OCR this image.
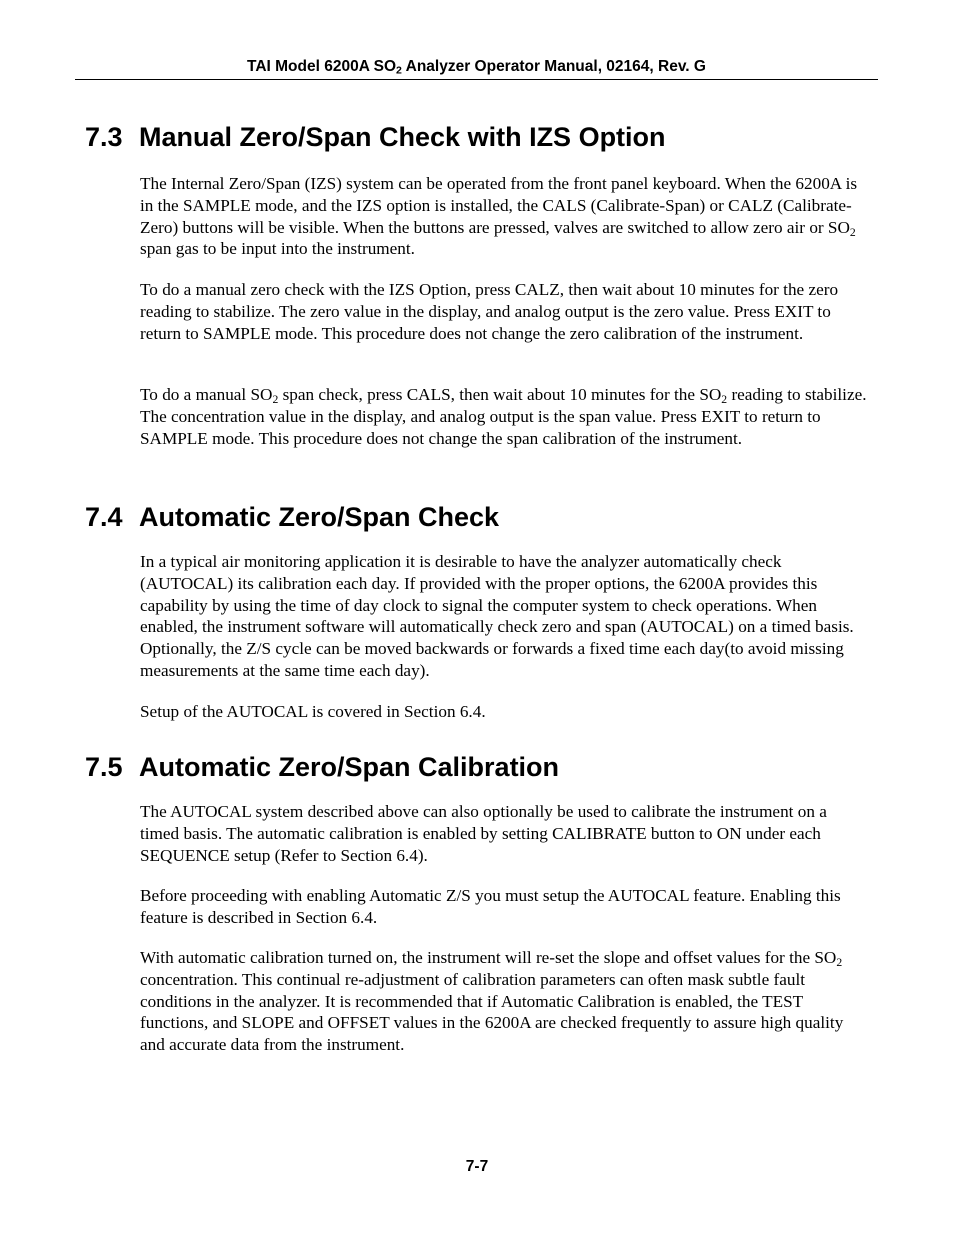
TAI Model 6200A $SO_2$ Analyzer Operator Manual, 02164, Rev. G
7.3 Manual Zero/Span Check with IZS Option

The Internal Zero/Span (IZS) system can be operated from the front panel keyboard. When the 6200A is in the SAMPLE mode, and the IZS option is installed, the CALS (Calibrate-Span) or CALZ (Calibrate-Zero) buttons will be visible. When the buttons are pressed, valves are switched to allow zero air or $SO_2$ span gas to be input into the instrument.

To do a manual zero check with the IZS Option, press CALZ, then wait about 10 minutes for the zero reading to stabilize. The zero value in the display, and analog output is the zero value. Press EXIT to return to SAMPLE mode. This procedure does not change the zero calibration of the instrument.

To do a manual $SO_2$ span check, press CALS, then wait about 10 minutes for the $SO_2$ reading to stabilize. The concentration value in the display, and analog output is the span value. Press EXIT to return to SAMPLE mode. This procedure does not change the span calibration of the instrument.

7.4 Automatic Zero/Span Check

In a typical air monitoring application it is desirable to have the analyzer automatically check (AUTOCAL) its calibration each day. If provided with the proper options, the 6200A provides this capability by using the time of day clock to signal the computer system to check operations. When enabled, the instrument software will automatically check zero and span (AUTOCAL) on a timed basis. Optionally, the Z/S cycle can be moved backwards or forwards a fixed time each day(to avoid missing measurements at the same time each day).

Setup of the AUTOCAL is covered in Section 6.4.

7.5 Automatic Zero/Span Calibration

The AUTOCAL system described above can also optionally be used to calibrate the instrument on a timed basis. The automatic calibration is enabled by setting CALIBRATE button to ON under each SEQUENCE setup (Refer to Section 6.4).

Before proceeding with enabling Automatic Z/S you must setup the AUTOCAL feature. Enabling this feature is described in Section 6.4.

With automatic calibration turned on, the instrument will re-set the slope and offset values for the $SO_2$ concentration. This continual re-adjustment of calibration parameters can often mask subtle fault conditions in the analyzer. It is recommended that if Automatic Calibration is enabled, the TEST functions, and SLOPE and OFFSET values in the 6200A are checked frequently to assure high quality and accurate data from the instrument.

7-7
